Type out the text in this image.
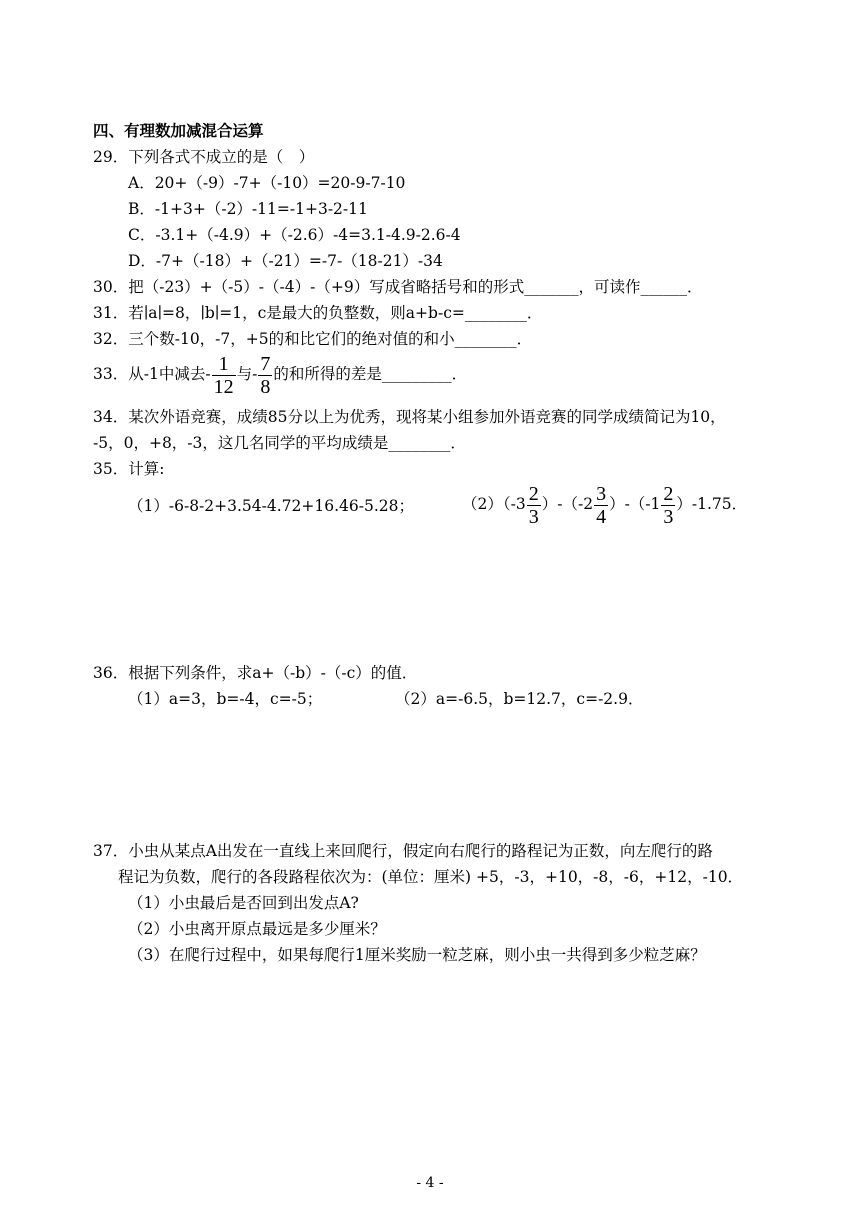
四、有理数加减混合运算
29．下列各式不成立的是（　）
A．20+（-9）-7+（-10）=20-9-7-10
B．-1+3+（-2）-11=-1+3-2-11
C．-3.1+（-4.9）+（-2.6）-4=3.1-4.9-2.6-4
D．-7+（-18）+（-21）=-7-（18-21）-34
30．把（-23）+（-5）-（-4）-（+9）写成省略括号和的形式_______，可读作______．
31．若∣a∣=8，∣b∣=1，c是最大的负整数，则a+b-c=________．
32．三个数-10，-7，+5的和比它们的绝对值的和小________．
33．从-1中减去- $\frac{1}{12}$ 与- $\frac{7}{8}$ 的和所得的差是_________．
34．某次外语竞赛，成绩85分以上为优秀，现将某小组参加外语竞赛的同学成绩简记为10，
-5，0，+8，-3，这几名同学的平均成绩是________．
35．计算:
（1）-6-8-2+3.54-4.72+16.46-5.28；	$(2)(-3 \frac{2}{3} )-(-2 \frac{3}{4} )-(-1 \frac{2}{3} )-1.75$．
36．根据下列条件，求a+（-b）-（-c）的值．
（1）a=3，b=-4，c=-5；	（2）a=-6.5，b=12.7，c=-2.9．
37．小虫从某点A出发在一直线上来回爬行，假定向右爬行的路程记为正数，向左爬行的路
程记为负数，爬行的各段路程依次为：(单位：厘米) +5，-3，+10，-8，-6，+12，-10．
（1）小虫最后是否回到出发点A?
（2）小虫离开原点最远是多少厘米？
（3）在爬行过程中，如果每爬行1厘米奖励一粒芝麻，则小虫一共得到多少粒芝麻？
- 4 -
